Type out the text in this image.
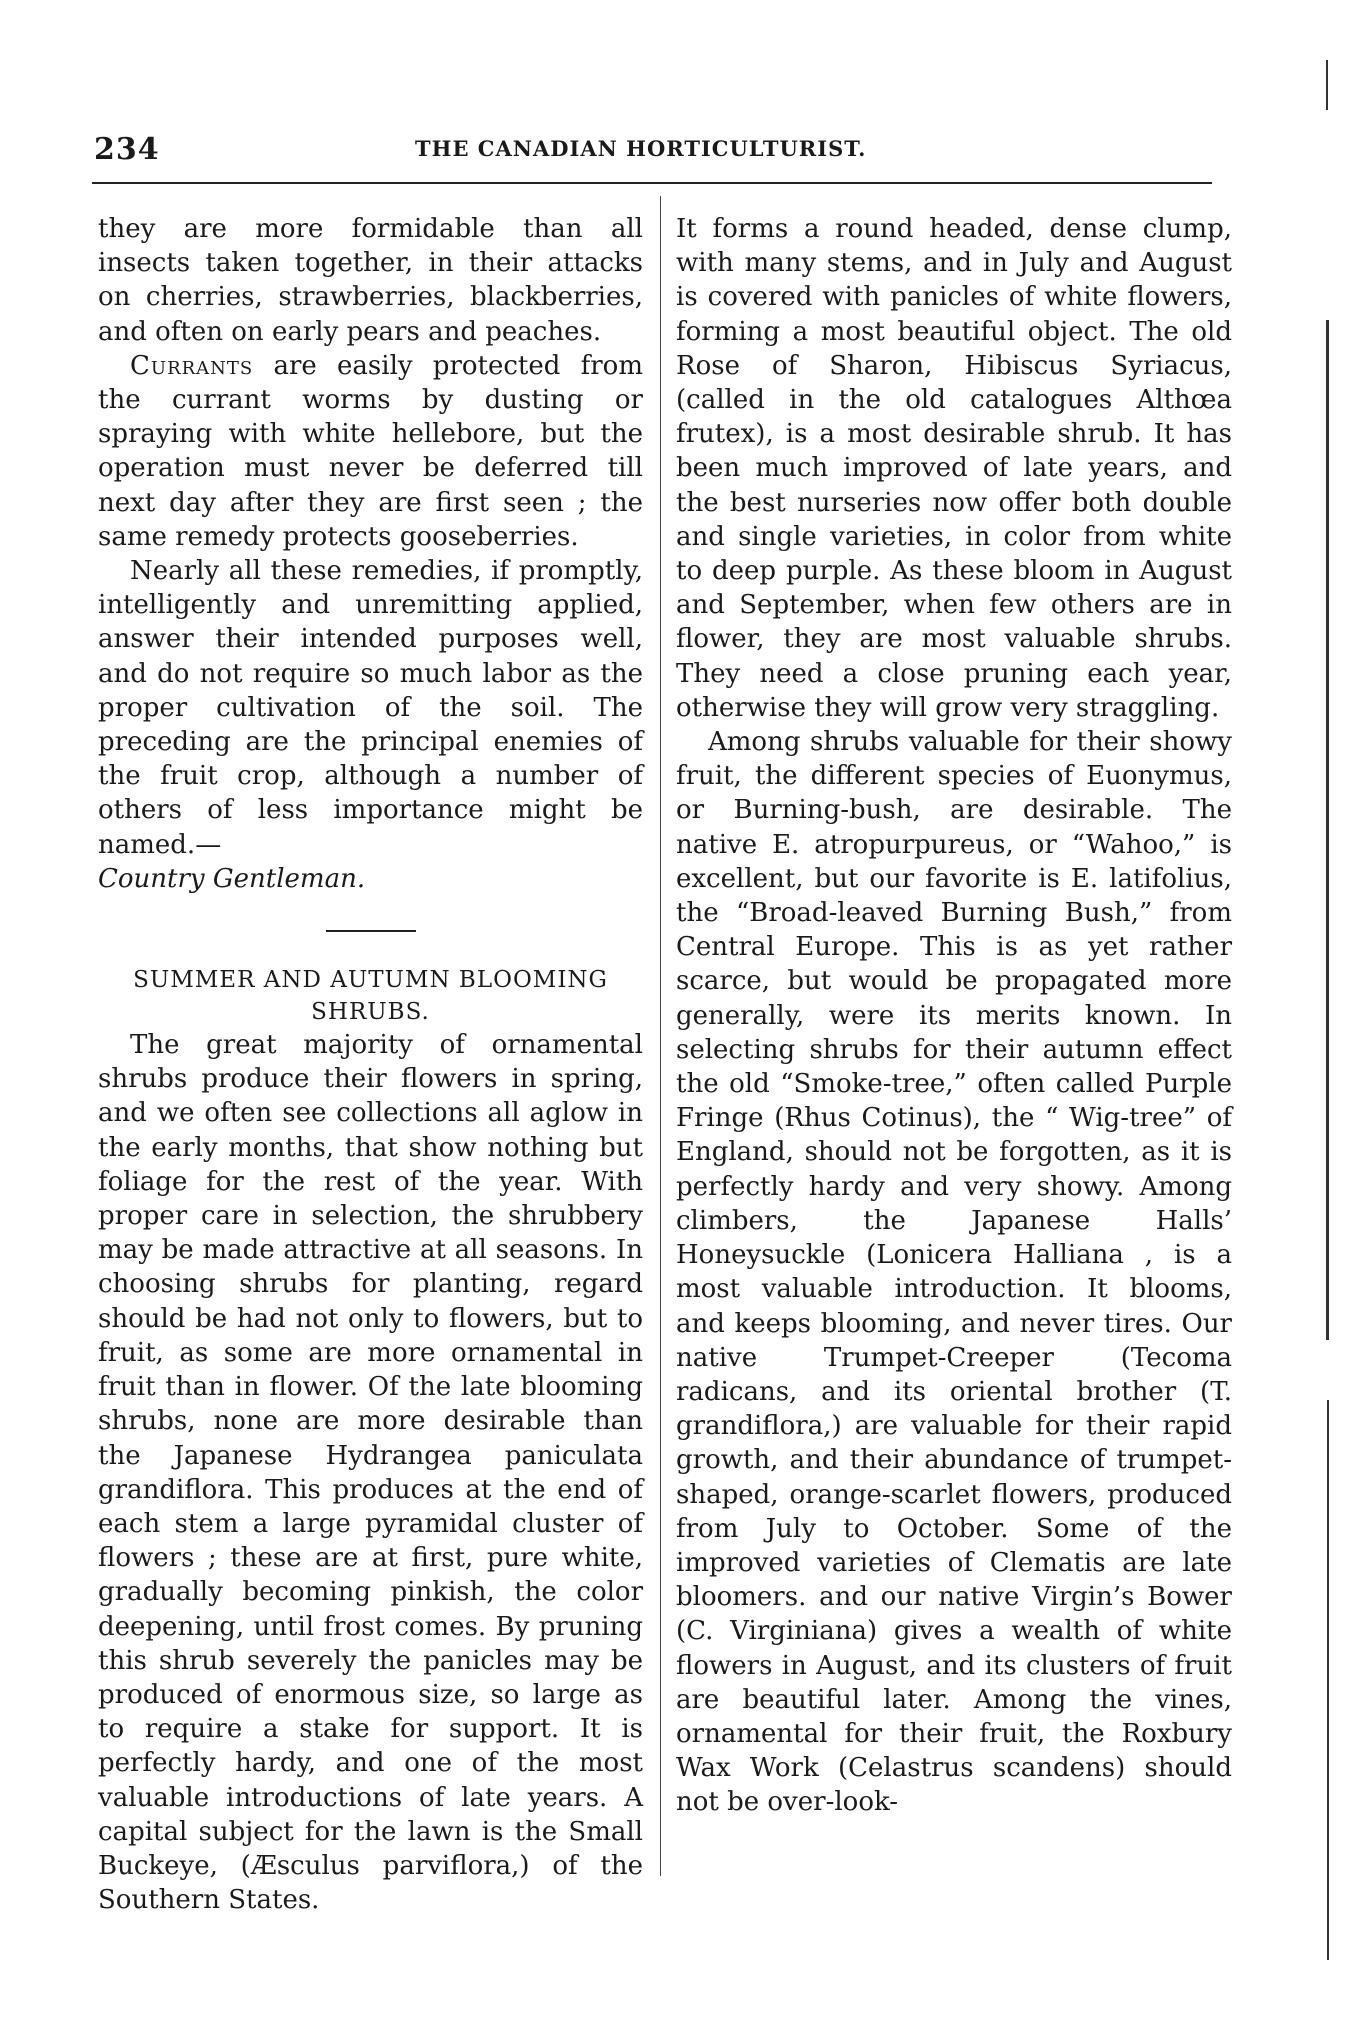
234	THE CANADIAN HORTICULTURIST.

they are more formidable than all insects taken together, in their attacks on cherries, strawberries, blackberries, and often on early pears and peaches.

Currants are easily protected from the currant worms by dusting or spraying with white hellebore, but the operation must never be deferred till next day after they are first seen ; the same remedy protects gooseberries.

Nearly all these remedies, if promptly, intelligently and unremitting applied, answer their intended purposes well, and do not require so much labor as the proper cultivation of the soil. The preceding are the principal enemies of the fruit crop, although a number of others of less importance might be named.—
Country Gentleman.

SUMMER AND AUTUMN BLOOMING SHRUBS.

The great majority of ornamental shrubs produce their flowers in spring, and we often see collections all aglow in the early months, that show nothing but foliage for the rest of the year. With proper care in selection, the shrubbery may be made attractive at all seasons. In choosing shrubs for planting, regard should be had not only to flowers, but to fruit, as some are more ornamental in fruit than in flower. Of the late blooming shrubs, none are more desirable than the Japanese Hydrangea paniculata grandiflora. This produces at the end of each stem a large pyramidal cluster of flowers ; these are at first, pure white, gradually becoming pinkish, the color deepening, until frost comes. By pruning this shrub severely the panicles may be produced of enormous size, so large as to require a stake for support. It is perfectly hardy, and one of the most valuable introductions of late years. A capital subject for the lawn is the Small Buckeye, (Æsculus parviflora,) of the Southern States.

It forms a round headed, dense clump, with many stems, and in July and August is covered with panicles of white flowers, forming a most beautiful object. The old Rose of Sharon, Hibiscus Syriacus, (called in the old catalogues Althœa frutex), is a most desirable shrub. It has been much improved of late years, and the best nurseries now offer both double and single varieties, in color from white to deep purple. As these bloom in August and September, when few others are in flower, they are most valuable shrubs. They need a close pruning each year, otherwise they will grow very straggling.

Among shrubs valuable for their showy fruit, the different species of Euonymus, or Burning-bush, are desirable. The native E. atropurpureus, or “Wahoo,” is excellent, but our favorite is E. latifolius, the “Broad-leaved Burning Bush,” from Central Europe. This is as yet rather scarce, but would be propagated more generally, were its merits known. In selecting shrubs for their autumn effect the old “Smoke-tree,” often called Purple Fringe (Rhus Cotinus), the “ Wig-tree” of England, should not be forgotten, as it is perfectly hardy and very showy. Among climbers, the Japanese Halls’ Honeysuckle (Lonicera Halliana , is a most valuable introduction. It blooms, and keeps blooming, and never tires. Our native Trumpet-Creeper (Tecoma radicans, and its oriental brother (T. grandiflora,) are valuable for their rapid growth, and their abundance of trumpet-shaped, orange-scarlet flowers, produced from July to October. Some of the improved varieties of Clematis are late bloomers. and our native Virgin’s Bower (C. Virginiana) gives a wealth of white flowers in August, and its clusters of fruit are beautiful later. Among the vines, ornamental for their fruit, the Roxbury Wax Work (Celastrus scandens) should not be over-look-
